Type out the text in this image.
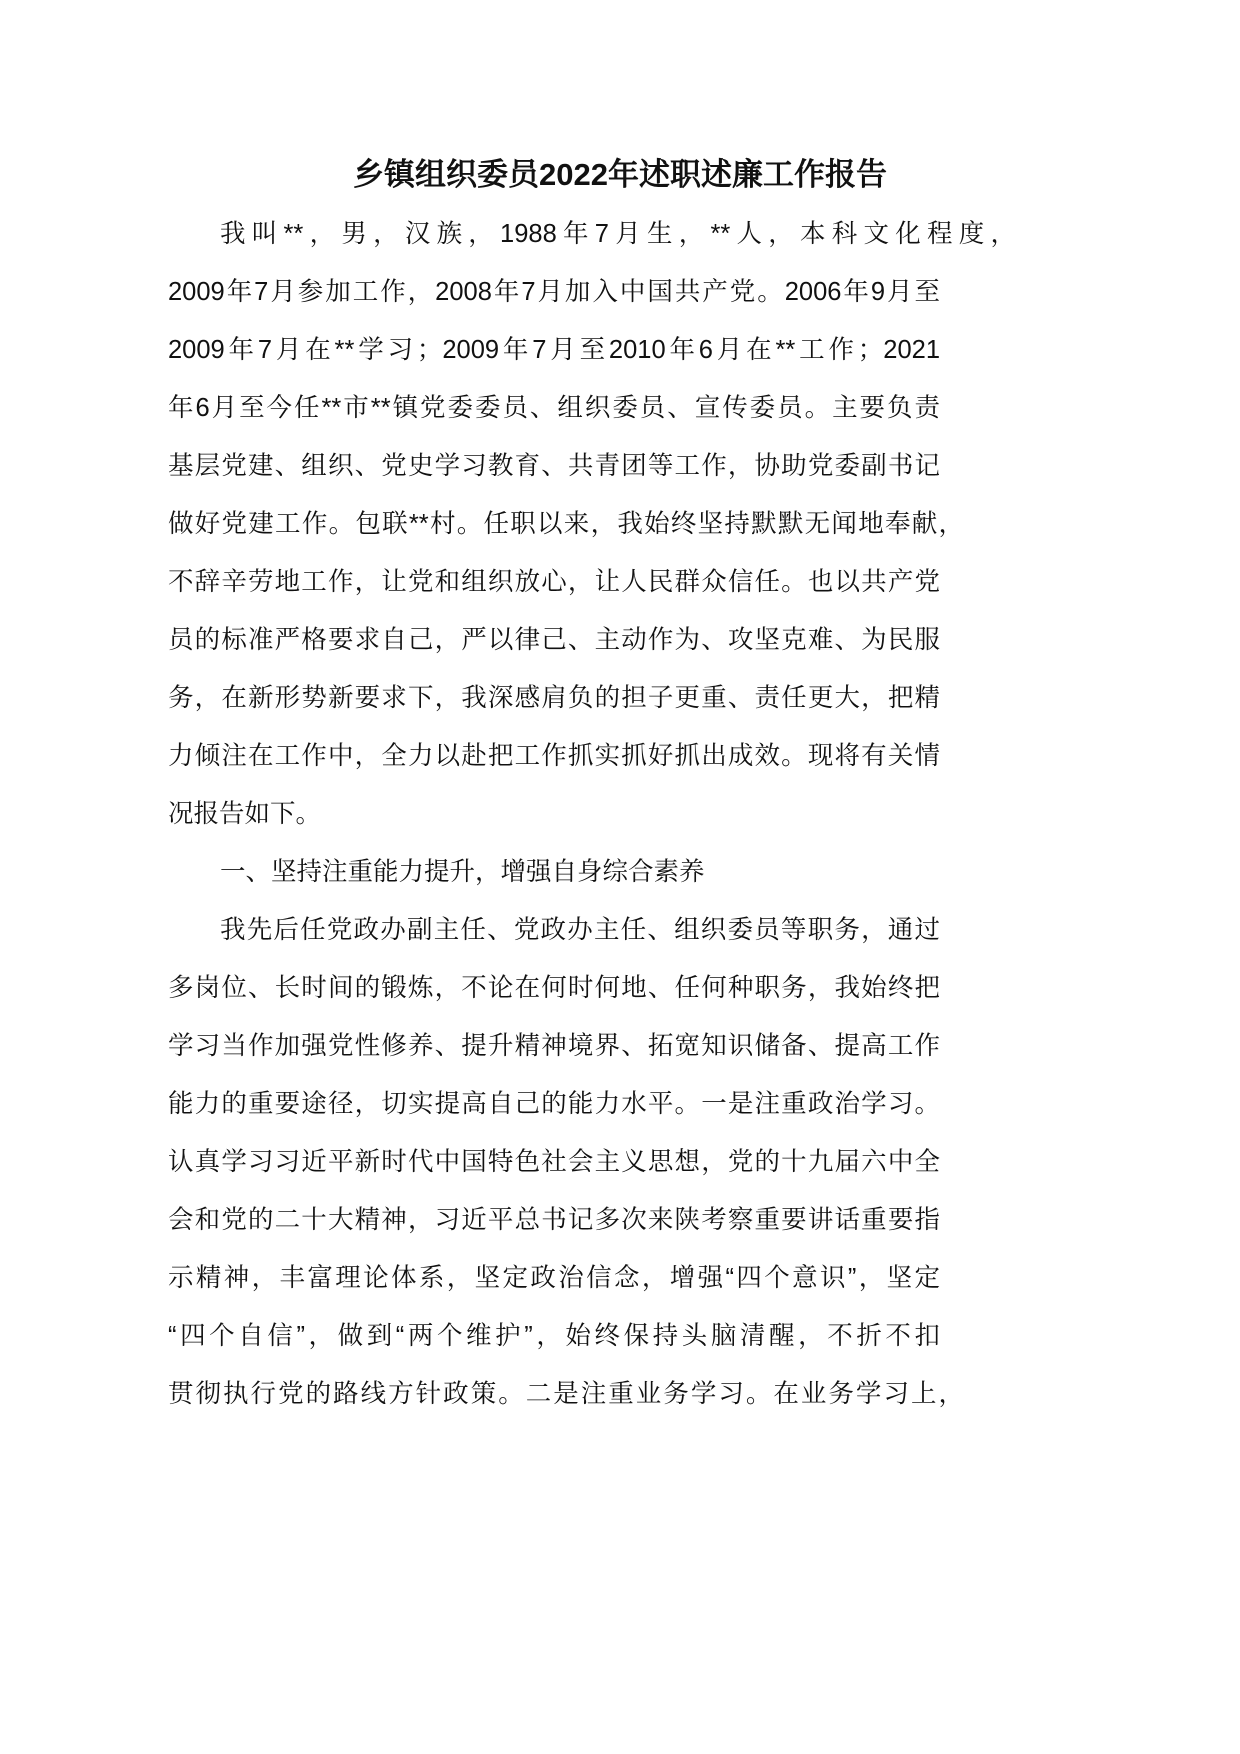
乡镇组织委员2022年述职述廉工作报告
我叫**，男，汉族，1988年7月生，**人，本科文化程度，
2009年7月参加工作，2008年7月加入中国共产党。2006年9月至
2009年7月在**学习；2009年7月至2010年6月在**工作；2021
年6月至今任**市**镇党委委员、组织委员、宣传委员。主要负责
基层党建、组织、党史学习教育、共青团等工作，协助党委副书记
做好党建工作。包联**村。任职以来，我始终坚持默默无闻地奉献，
不辞辛劳地工作，让党和组织放心，让人民群众信任。也以共产党
员的标准严格要求自己，严以律己、主动作为、攻坚克难、为民服
务，在新形势新要求下，我深感肩负的担子更重、责任更大，把精
力倾注在工作中，全力以赴把工作抓实抓好抓出成效。现将有关情
况报告如下。
一、坚持注重能力提升，增强自身综合素养
我先后任党政办副主任、党政办主任、组织委员等职务，通过
多岗位、长时间的锻炼，不论在何时何地、任何种职务，我始终把
学习当作加强党性修养、提升精神境界、拓宽知识储备、提高工作
能力的重要途径，切实提高自己的能力水平。一是注重政治学习。
认真学习习近平新时代中国特色社会主义思想，党的十九届六中全
会和党的二十大精神，习近平总书记多次来陕考察重要讲话重要指
示精神，丰富理论体系，坚定政治信念，增强“四个意识”，坚定
“四个自信”，做到“两个维护”，始终保持头脑清醒，不折不扣
贯彻执行党的路线方针政策。二是注重业务学习。在业务学习上，
